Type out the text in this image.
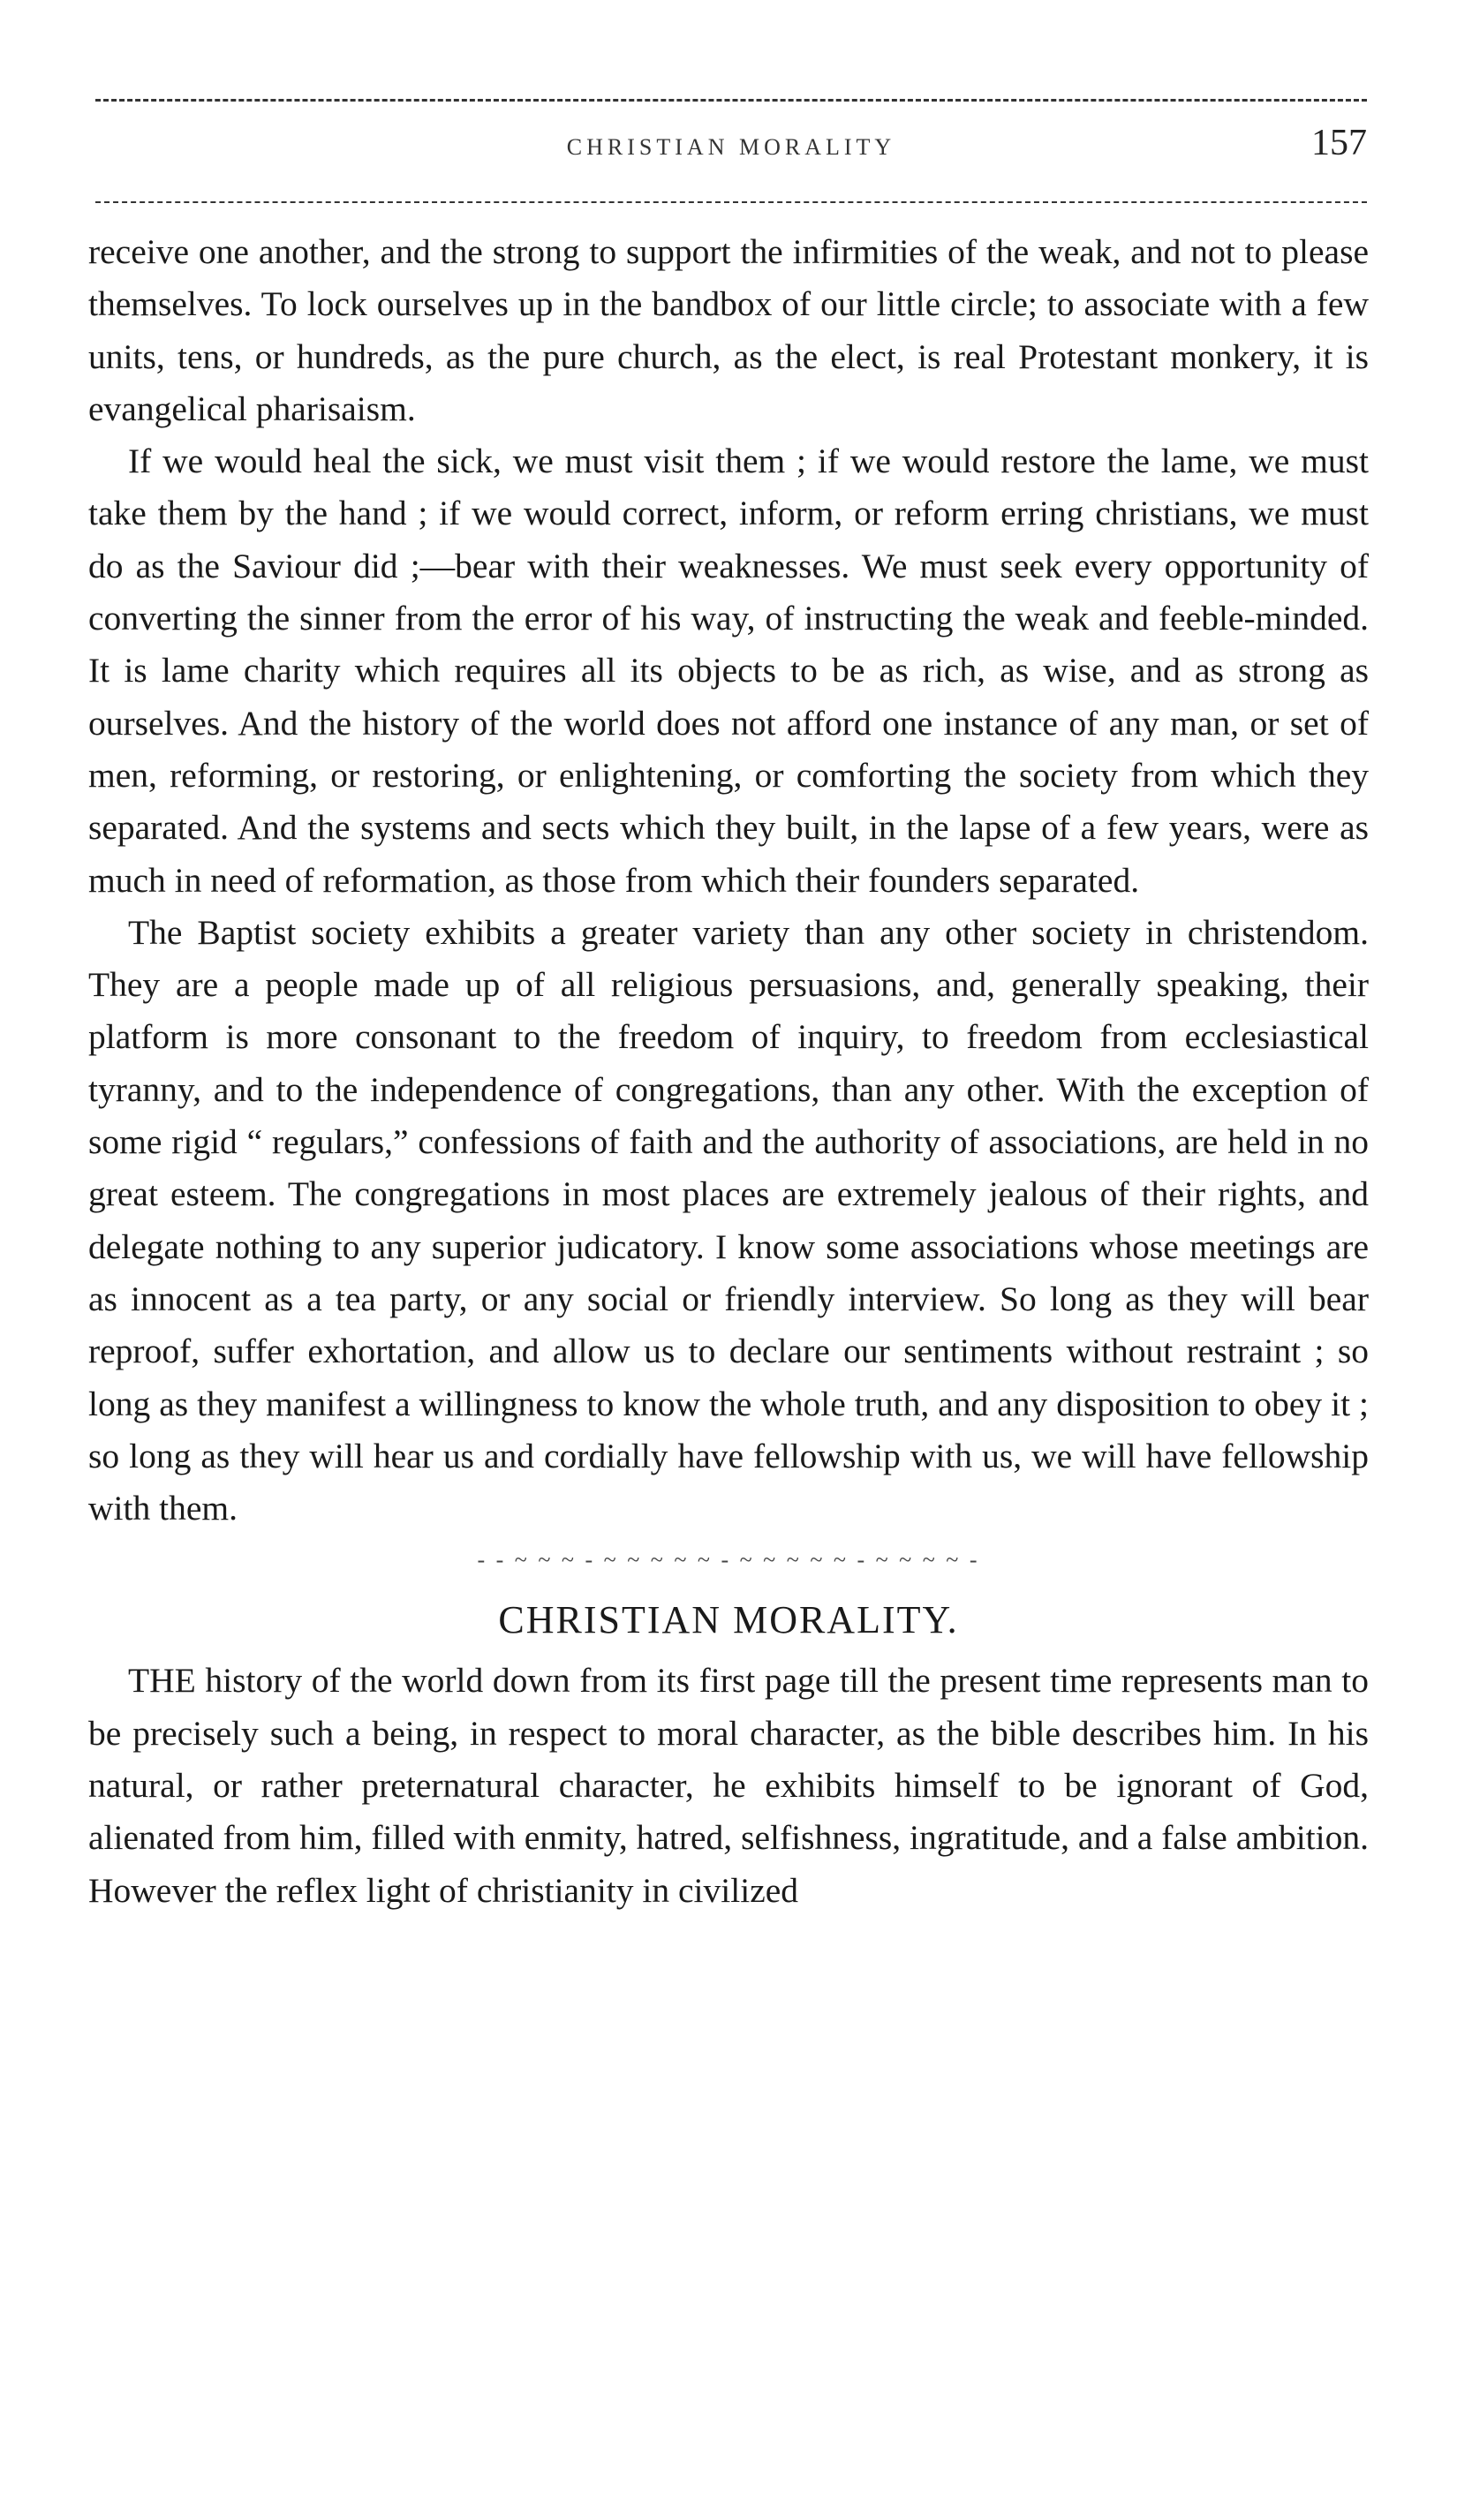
CHRISTIAN MORALITY	157

receive one another, and the strong to support the infirmities of the weak, and not to please themselves. To lock ourselves up in the bandbox of our little circle; to associate with a few units, tens, or hundreds, as the pure church, as the elect, is real Protestant monkery, it is evangelical pharisaism.

If we would heal the sick, we must visit them ; if we would restore the lame, we must take them by the hand ; if we would correct, inform, or reform erring christians, we must do as the Saviour did ;—bear with their weaknesses. We must seek every opportunity of converting the sinner from the error of his way, of instructing the weak and feeble-minded. It is lame charity which requires all its objects to be as rich, as wise, and as strong as ourselves. And the history of the world does not afford one instance of any man, or set of men, reforming, or restoring, or enlightening, or comforting the society from which they separated. And the systems and sects which they built, in the lapse of a few years, were as much in need of reformation, as those from which their founders separated.

The Baptist society exhibits a greater variety than any other society in christendom. They are a people made up of all religious persuasions, and, generally speaking, their platform is more consonant to the freedom of inquiry, to freedom from ecclesiastical tyranny, and to the independence of congregations, than any other. With the exception of some rigid “ regulars,” confessions of faith and the authority of associations, are held in no great esteem. The congregations in most places are extremely jealous of their rights, and delegate nothing to any superior judicatory. I know some associations whose meetings are as innocent as a tea party, or any social or friendly interview. So long as they will bear reproof, suffer exhortation, and allow us to declare our sentiments without restraint ; so long as they manifest a willingness to know the whole truth, and any disposition to obey it ; so long as they will hear us and cordially have fellowship with us, we will have fellowship with them.

- - ~ ~ ~ - ~ ~ ~ ~ ~ - ~ ~ ~ ~ ~ - ~ ~ ~ ~ -
CHRISTIAN MORALITY.

THE history of the world down from its first page till the present time represents man to be precisely such a being, in respect to moral character, as the bible describes him. In his natural, or rather preternatural character, he exhibits himself to be ignorant of God, alienated from him, filled with enmity, hatred, selfishness, ingratitude, and a false ambition. However the reflex light of christianity in civilized
